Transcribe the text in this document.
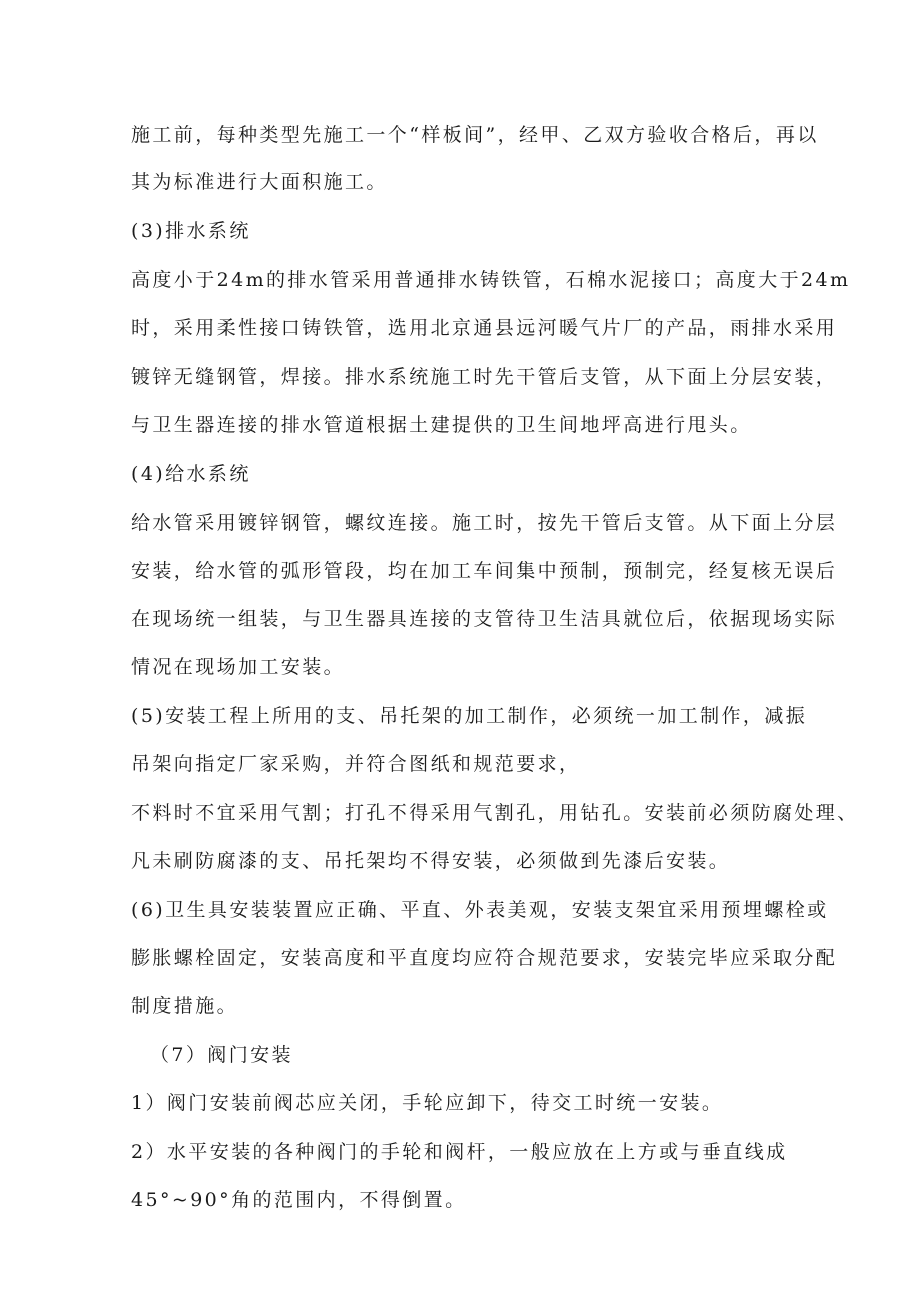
施工前，每种类型先施工一个“样板间”，经甲、乙双方验收合格后，再以
其为标准进行大面积施工。
(3)排水系统
高度小于24m的排水管采用普通排水铸铁管，石棉水泥接口；高度大于24m
时，采用柔性接口铸铁管，选用北京通县远河暖气片厂的产品，雨排水采用
镀锌无缝钢管，焊接。排水系统施工时先干管后支管，从下面上分层安装，
与卫生器连接的排水管道根据土建提供的卫生间地坪高进行甩头。
(4)给水系统
给水管采用镀锌钢管，螺纹连接。施工时，按先干管后支管。从下面上分层
安装，给水管的弧形管段，均在加工车间集中预制，预制完，经复核无误后
在现场统一组装，与卫生器具连接的支管待卫生洁具就位后，依据现场实际
情况在现场加工安装。
(5)安装工程上所用的支、吊托架的加工制作，必须统一加工制作，减振
吊架向指定厂家采购，并符合图纸和规范要求，
不料时不宜采用气割；打孔不得采用气割孔，用钻孔。安装前必须防腐处理、
凡未刷防腐漆的支、吊托架均不得安装，必须做到先漆后安装。
(6)卫生具安装装置应正确、平直、外表美观，安装支架宜采用预埋螺栓或
膨胀螺栓固定，安装高度和平直度均应符合规范要求，安装完毕应采取分配
制度措施。
（7）阀门安装
1）阀门安装前阀芯应关闭，手轮应卸下，待交工时统一安装。
2）水平安装的各种阀门的手轮和阀杆，一般应放在上方或与垂直线成
45°~90°角的范围内，不得倒置。
